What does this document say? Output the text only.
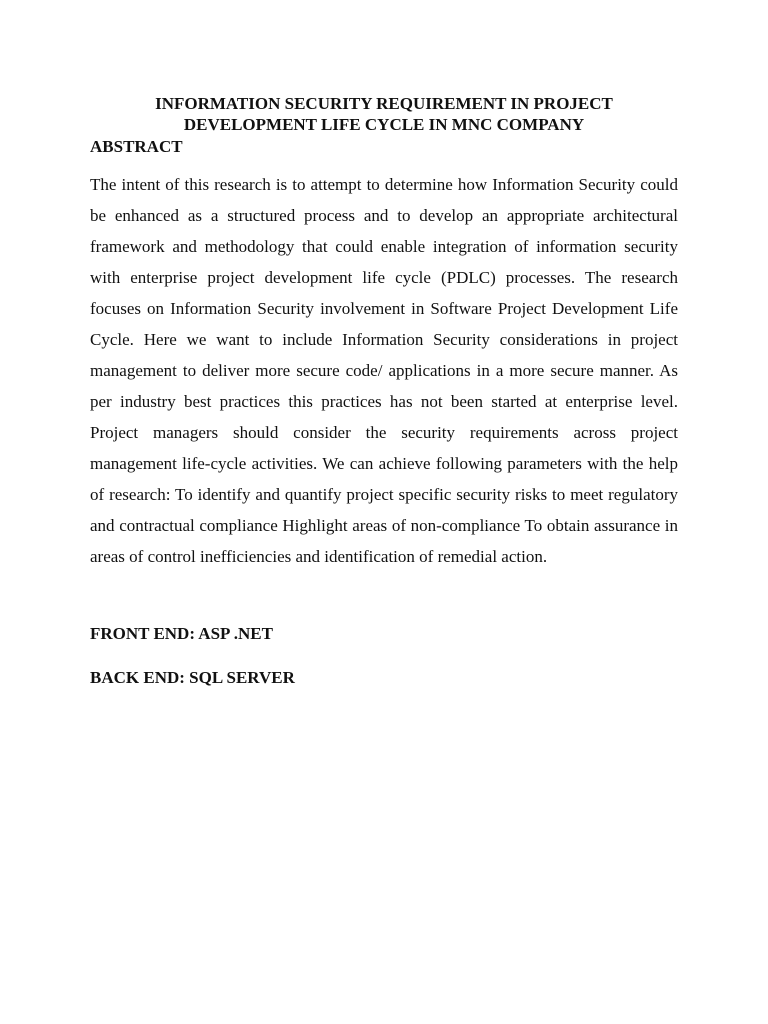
INFORMATION SECURITY REQUIREMENT IN PROJECT DEVELOPMENT LIFE CYCLE IN MNC COMPANY
ABSTRACT

The intent of this research is to attempt to determine how Information Security could be enhanced as a structured process and to develop an appropriate architectural framework and methodology that could enable integration of information security with enterprise project development life cycle (PDLC) processes. The research focuses on Information Security involvement in Software Project Development Life Cycle. Here we want to include Information Security considerations in project management to deliver more secure code/ applications in a more secure manner. As per industry best practices this practices has not been started at enterprise level. Project managers should consider the security requirements across project management life-cycle activities. We can achieve following parameters with the help of research: To identify and quantify project specific security risks to meet regulatory and contractual compliance Highlight areas of non-compliance To obtain assurance in areas of control inefficiencies and identification of remedial action.

FRONT END: ASP .NET

BACK END: SQL SERVER
